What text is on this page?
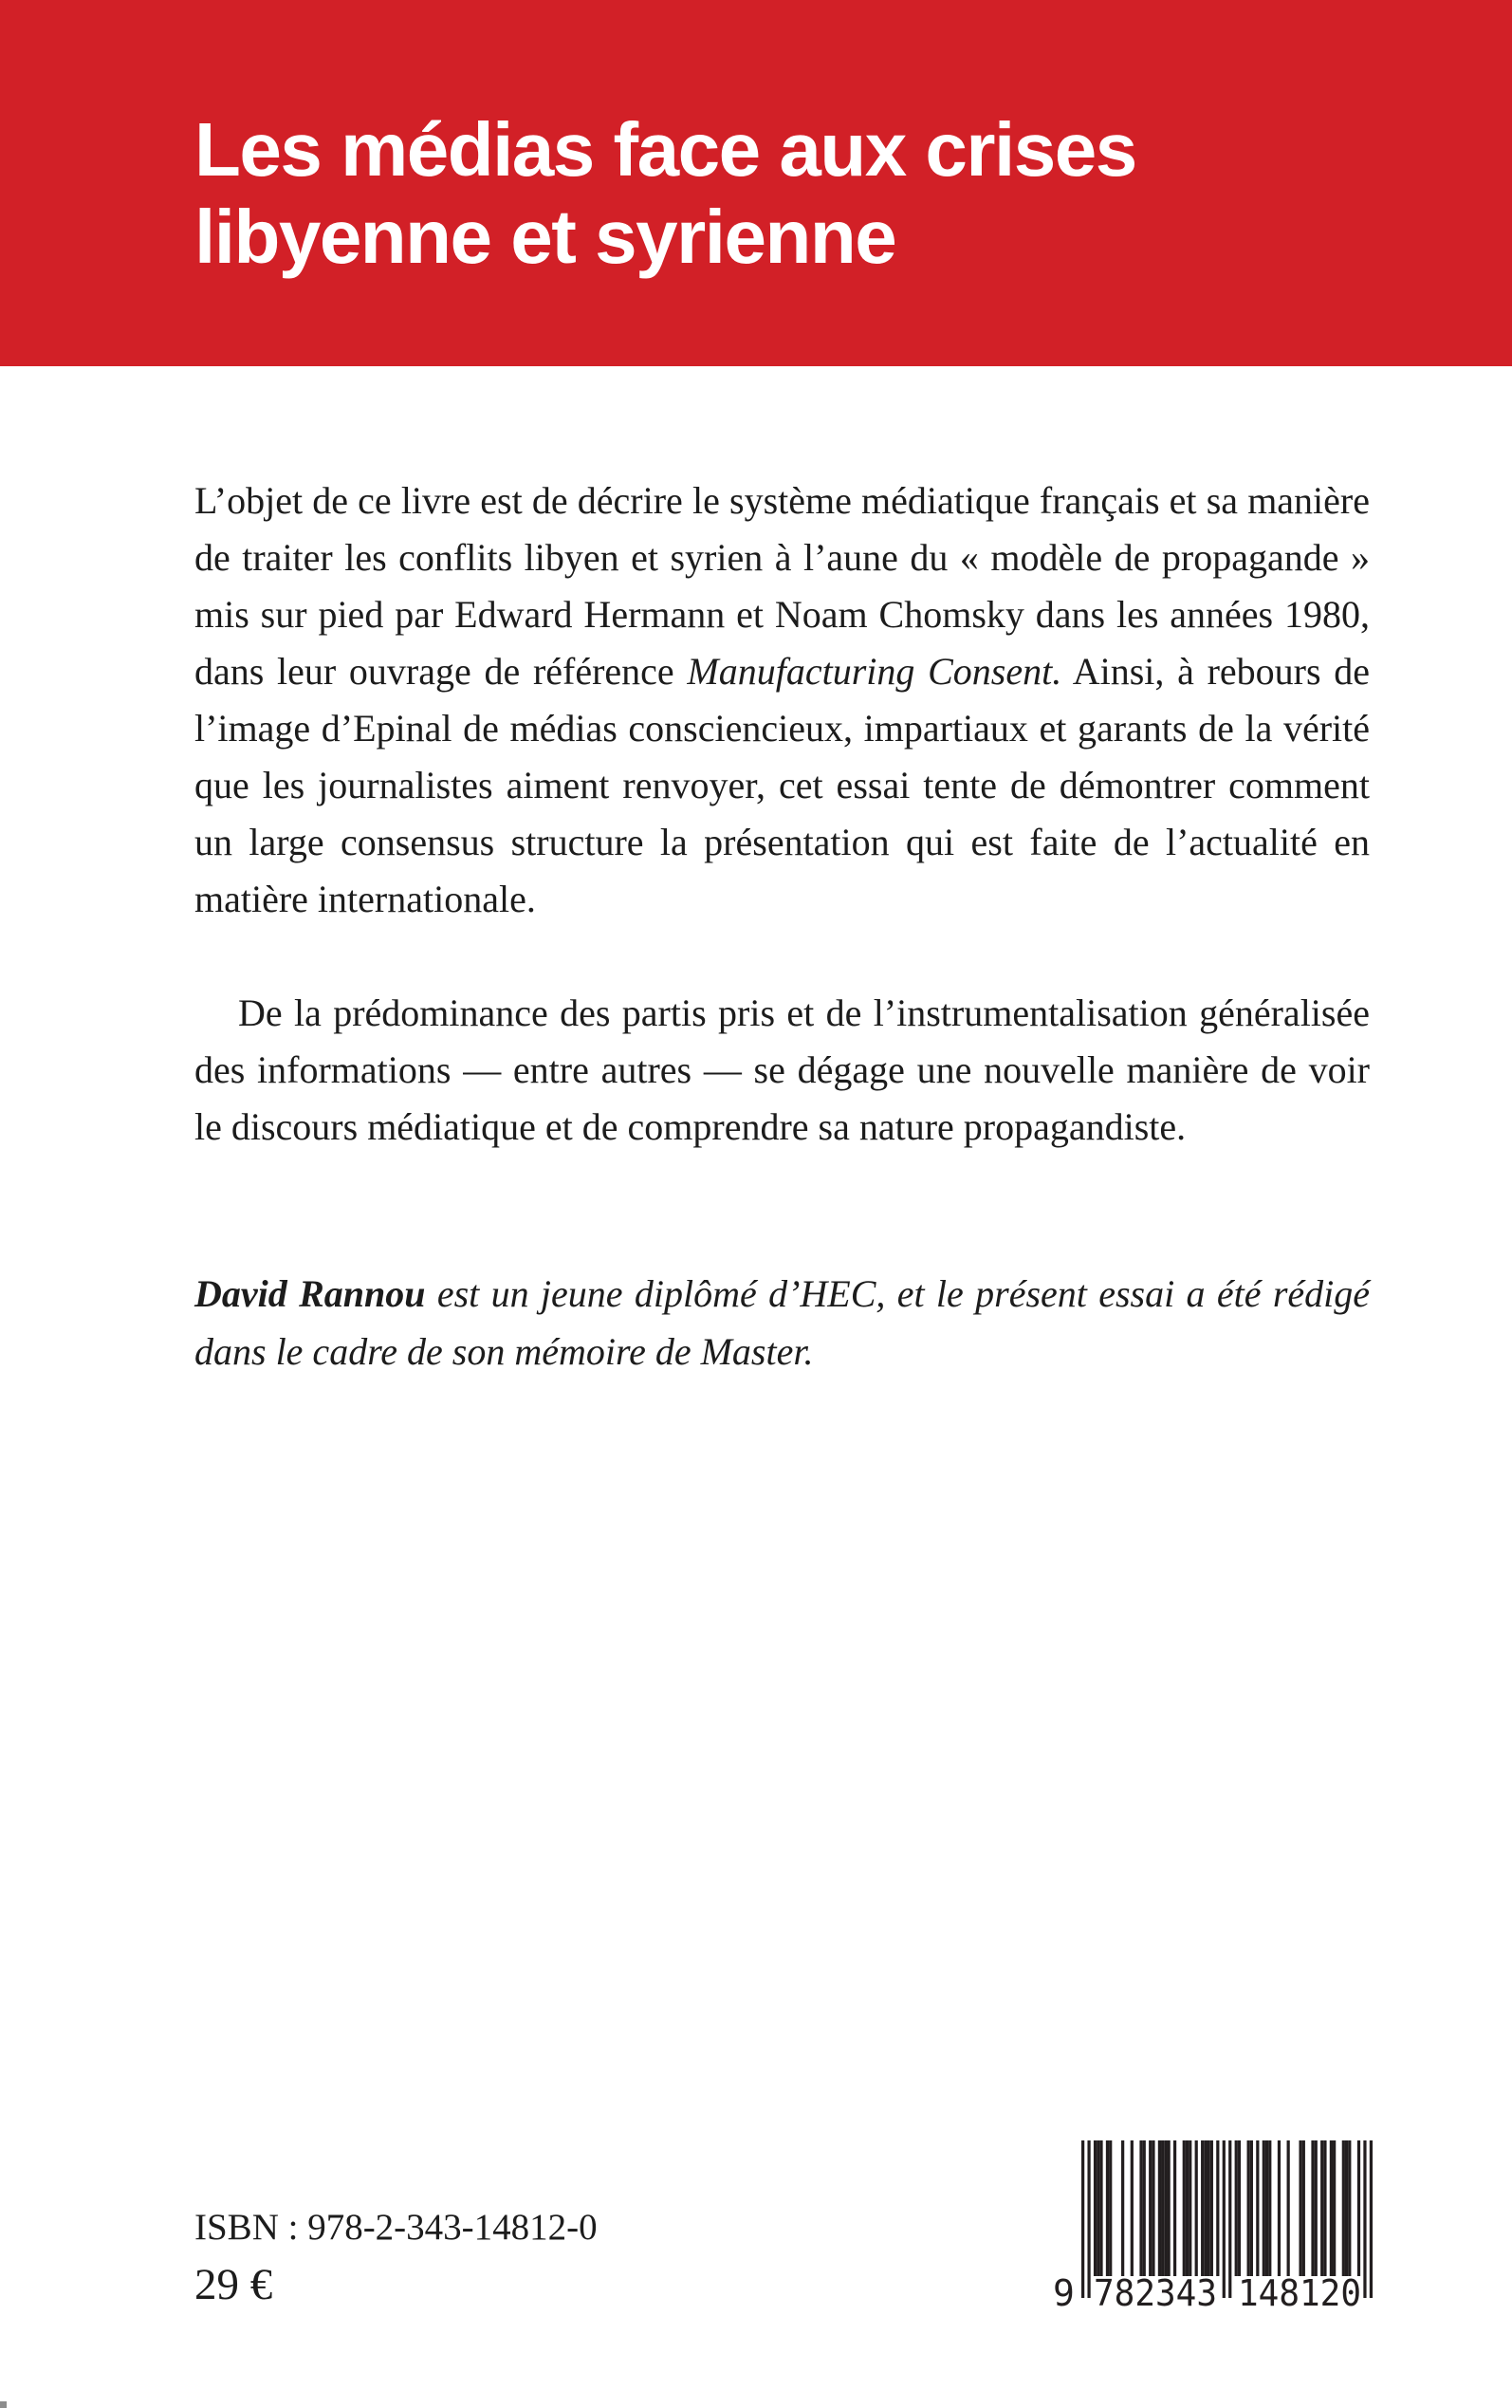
Les médias face aux crises
libyenne et syrienne

L’objet de ce livre est de décrire le système médiatique français et sa manière de traiter les conflits libyen et syrien à l’aune du « modèle de propagande » mis sur pied par Edward Hermann et Noam Chomsky dans les années 1980, dans leur ouvrage de référence Manufacturing Consent. Ainsi, à rebours de l’image d’Epinal de médias consciencieux, impartiaux et garants de la vérité que les journalistes aiment renvoyer, cet essai tente de démontrer comment un large consensus structure la présentation qui est faite de l’actualité en matière internationale.

De la prédominance des partis pris et de l’instrumentalisation généralisée des informations — entre autres — se dégage une nouvelle manière de voir le discours médiatique et de comprendre sa nature propagandiste.

David Rannou est un jeune diplômé d’HEC, et le présent essai a été rédigé dans le cadre de son mémoire de Master.

ISBN : 978-2-343-14812-0
29 €	9 782343 148120
